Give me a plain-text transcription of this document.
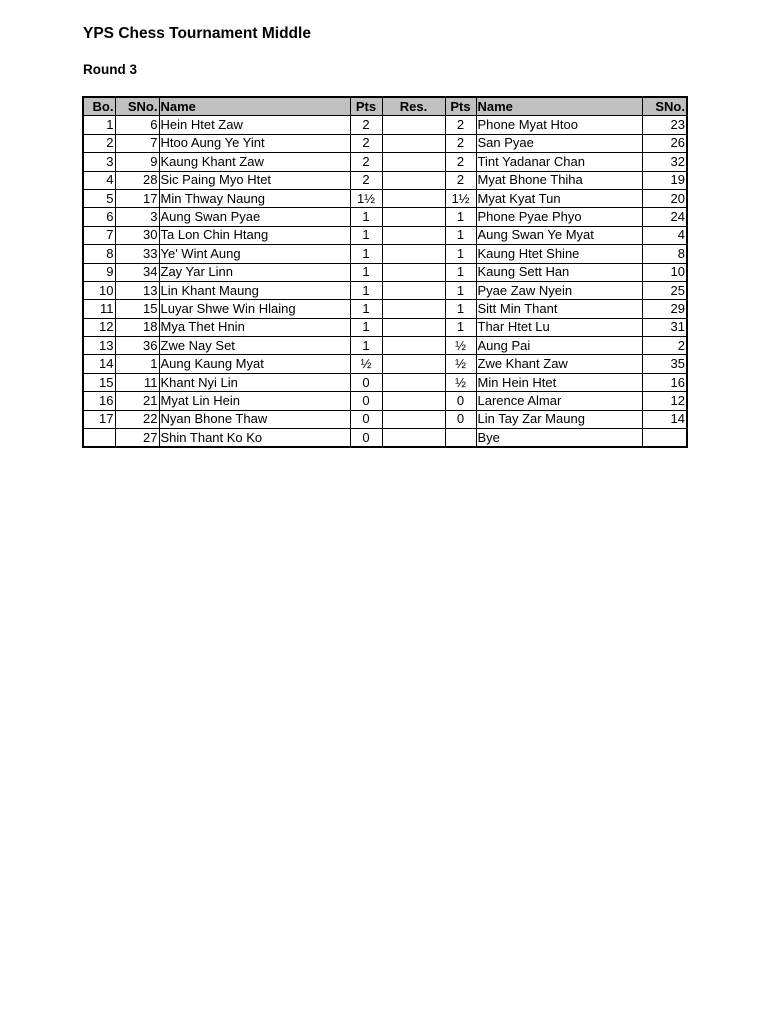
YPS Chess Tournament Middle
Round 3
Bo.	SNo.	Name	Pts	Res.	Pts	Name	SNo.
1	6	Hein Htet Zaw	2		2	Phone Myat Htoo	23
2	7	Htoo Aung Ye Yint	2		2	San Pyae	26
3	9	Kaung Khant Zaw	2		2	Tint Yadanar Chan	32
4	28	Sic Paing Myo Htet	2		2	Myat Bhone Thiha	19
5	17	Min Thway Naung	1½		1½	Myat Kyat Tun	20
6	3	Aung Swan Pyae	1		1	Phone Pyae Phyo	24
7	30	Ta Lon Chin Htang	1		1	Aung Swan Ye Myat	4
8	33	Ye' Wint Aung	1		1	Kaung Htet Shine	8
9	34	Zay Yar Linn	1		1	Kaung Sett Han	10
10	13	Lin Khant Maung	1		1	Pyae Zaw Nyein	25
11	15	Luyar Shwe Win Hlaing	1		1	Sitt Min Thant	29
12	18	Mya Thet Hnin	1		1	Thar Htet Lu	31
13	36	Zwe Nay Set	1		½	Aung Pai	2
14	1	Aung Kaung Myat	½		½	Zwe Khant Zaw	35
15	11	Khant Nyi Lin	0		½	Min Hein Htet	16
16	21	Myat Lin Hein	0		0	Larence Almar	12
17	22	Nyan Bhone Thaw	0		0	Lin Tay Zar Maung	14
	27	Shin Thant Ko Ko	0			Bye	
